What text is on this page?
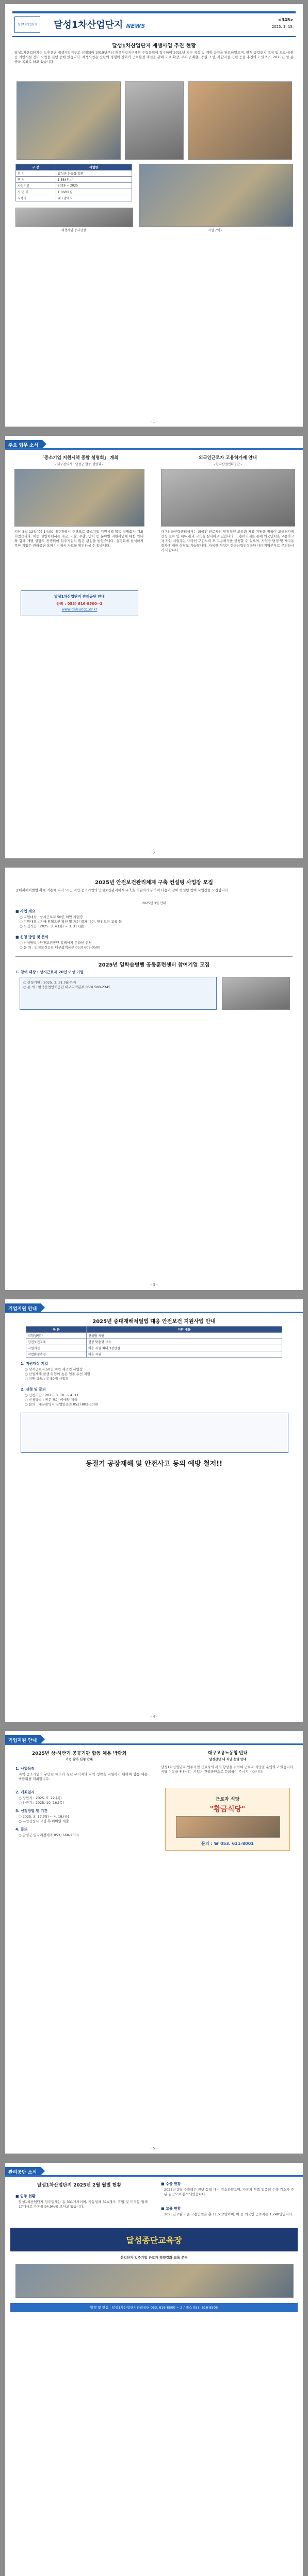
달성1차산업단지	달성1차산업단지 NEWS
<345>
2025. 3. 15.
달성1차산업단지 재생사업 추진 현황
달성1차산업단지는 노후산단 재생사업지구로 선정되어 2019년부터 재생사업지구계획 수립용역에 착수하여 2021년 지구 지정 및 계획 승인을 완료하였으며, 현재 공업용지 조성 및 도로·공원 등 기반시설 정비 사업을 진행 중에 있습니다. 재생사업은 산단의 경쟁력 강화와 근로환경 개선을 위해 도로 확장, 주차장 확충, 공원 조성, 복합시설 건립 등을 추진하고 있으며, 2025년 말 준공을 목표로 하고 있습니다.
구 분	사업량
위 치	달성군 논공읍 일원
면 적	1,564천㎡
사업기간	2019 ~ 2025
사 업 비	1,060억원
시행자	대구광역시
사업구역도
재생사업 공사현장
- 1 -
주요 업무 소식
「중소기업 지원시책 종합 설명회」 개최
- 대구광역시 · 달성군 합동 설명회 -
지난 3월 12일(수) 14:00 대구광역시 주관으로 중소기업 지원시책 합동 설명회가 개최되었습니다. 이번 설명회에서는 자금, 기술, 수출, 인력 등 분야별 지원사업에 대한 안내와 함께 개별 상담도 진행되어 입주기업의 많은 관심을 받았습니다. 설명회에 참석하지 못한 기업은 관리공단 홈페이지에서 자료를 확인하실 수 있습니다.
달성1차산업단지 관리공단 안내
문의 : 053) 616-8500~2
www.dalsung1.or.kr
외국인근로자 고용허가제 안내
- 한국산업인력공단 -
대구외국인력센터에서는 외국인 근로자의 안정적인 고용과 체류 지원을 위하여 고용허가제 신청 절차 및 체류 관리 교육을 실시하고 있습니다. 고용허가제를 통해 외국인력을 고용하고자 하는 사업주는 내국인 구인노력 후 고용허가를 신청할 수 있으며, 사업장 변경 및 재고용 절차에 대한 상담도 가능합니다. 자세한 사항은 한국산업인력공단 대구지역본부로 문의하시기 바랍니다.
- 2 -
2025년 안전보건관리체계 구축 컨설팅 사업장 모집
중대재해처벌법 확대 적용에 따라 50인 미만 중소기업의 안전보건관리체계 구축을 지원하기 위하여 다음과 같이 컨설팅 참여 사업장을 모집합니다.
2025년 3월 안내
■ 사업 개요
○ 지원대상 : 상시근로자 50인 미만 사업장
○ 지원내용 : 유해·위험요인 확인 및 개선 절차 마련, 안전보건 교육 등
○ 모집기간 : 2025. 3. 4.(화) ~ 3. 31.(월)
■ 신청 방법 및 문의
○ 신청방법 : 안전보건공단 홈페이지 온라인 신청
○ 문 의 : 안전보건공단 대구광역본부 053) 609-0500
2025년 일학습병행 공동훈련센터 참여기업 모집
1. 참여 대상 : 상시근로자 20인 이상 기업
○ 신청기한 : 2025. 3. 31.(월)까지
○ 문 의 : 한국산업인력공단 대구지역본부 053) 580-2345
- 3 -
기업지원 안내
2025년 중대재해처벌법 대응 안전보건 지원사업 안내
구 분	지원 내용
위험성평가	컨설팅 지원
안전보건교육	현장 맞춤형 교육
시설개선	비용 지원 최대 3천만원
작업환경측정	비용 지원
1. 지원대상 기업
○ 상시근로자 50인 미만 제조업 사업장
○ 산업재해 발생 위험이 높은 업종 우선 지원
○ 지원 규모 : 총 80개 사업장
2. 신청 및 문의
○ 신청기간 : 2025. 3. 10. ~ 4. 11.
○ 신청방법 : 공문 또는 이메일 제출
○ 문의 : 대구광역시 산업안전과 053) 803-3000
동절기 공장재해 및 안전사고 등의 예방 철저!!
- 4 -
기업지원 안내
2025년 상·하반기 공공기관 합동 채용 박람회
기업 참가 신청 안내
1. 사업목적
지역 중소기업의 구인난 해소와 청년 구직자의 지역 정착을 지원하기 위하여 합동 채용 박람회를 개최합니다.
2. 개최일시
○ 상반기 : 2025. 5. 22.(목)
○ 하반기 : 2025. 10. 16.(목)
3. 신청방법 및 기간
○ 2025. 3. 17.(월) ~ 4. 18.(금)
○ 구인신청서 작성 후 이메일 제출
4. 문의
○ 달성군 일자리경제과 053) 668-2300
대구고용노동청 안내
달성산단 내 식당 운영 안내
달성1차산업단지 입주기업 근로자의 복지 향상을 위하여 근로자 식당을 운영하고 있습니다. 식당 이용을 원하시는 기업은 관리공단으로 문의하여 주시기 바랍니다.
근로자 식당
"황금식당"
문의 : ☎ 053. 611-8001
- 5 -
관리공단 소식
달성1차산업단지 2025년 2월 월별 현황
■ 입주 현황
달성1차산업단지 입주업체는 총 331개사이며, 가동업체 314개사, 휴업 및 미가동 업체 17개사로 가동률 94.9%를 보이고 있습니다.
■ 수출 현황
2025년 2월 수출액은 전년 동월 대비 감소하였으며, 자동차 부품 업종의 수출 감소가 주된 원인으로 분석되었습니다.
■ 고용 현황
2025년 2월 기준 고용인원은 총 11,512명이며, 이 중 외국인 근로자는 1,240명입니다.
달성종단교육장
산업단지 입주기업 근로자 역량강화 교육 운영
발행 및 편집 : 달성1차산업단지관리공단 053. 616-8500 ~ 2 / 팩스 053. 616-8505
